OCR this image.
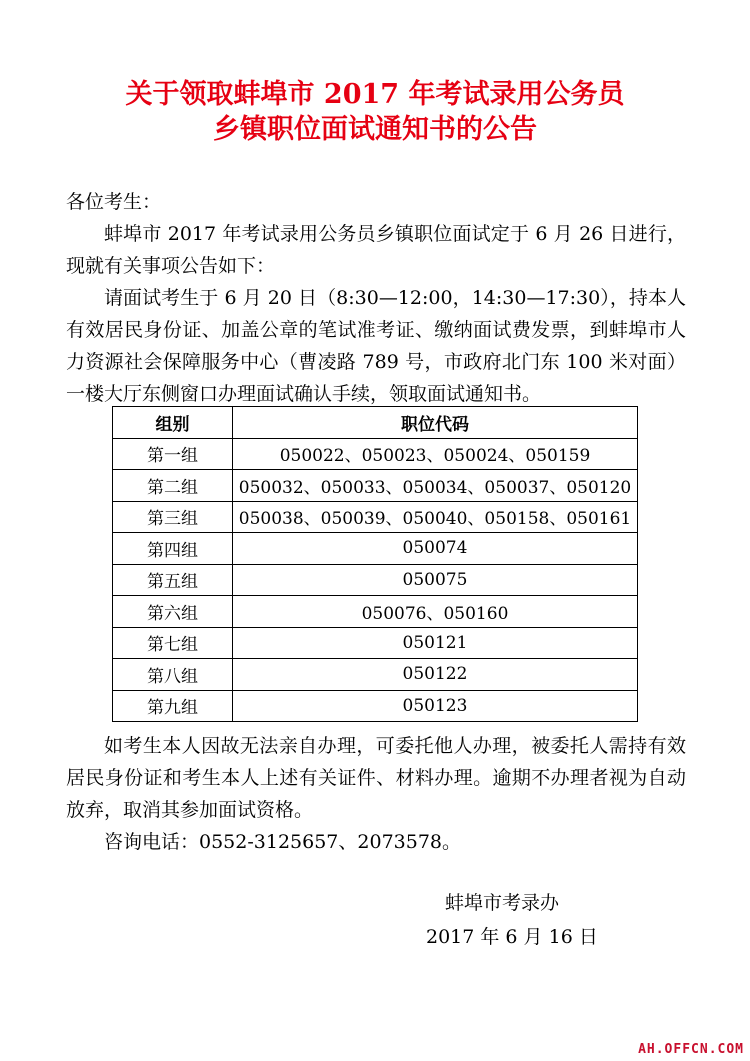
关于领取蚌埠市 2017 年考试录用公务员
乡镇职位面试通知书的公告
各位考生：
蚌埠市 2017 年考试录用公务员乡镇职位面试定于 6 月 26 日进行，现就有关事项公告如下：
请面试考生于 6 月 20 日（8:30—12:00，14:30—17:30），持本人有效居民身份证、加盖公章的笔试准考证、缴纳面试费发票，到蚌埠市人力资源社会保障服务中心（曹凌路 789 号，市政府北门东 100 米对面）一楼大厅东侧窗口办理面试确认手续，领取面试通知书。
组别	职位代码
第一组	050022、050023、050024、050159
第二组	050032、050033、050034、050037、050120
第三组	050038、050039、050040、050158、050161
第四组	050074
第五组	050075
第六组	050076、050160
第七组	050121
第八组	050122
第九组	050123
如考生本人因故无法亲自办理，可委托他人办理，被委托人需持有效居民身份证和考生本人上述有关证件、材料办理。逾期不办理者视为自动放弃，取消其参加面试资格。
咨询电话：0552-3125657、2073578。
蚌埠市考录办
2017 年 6 月 16 日
AH.OFFCN.COM
